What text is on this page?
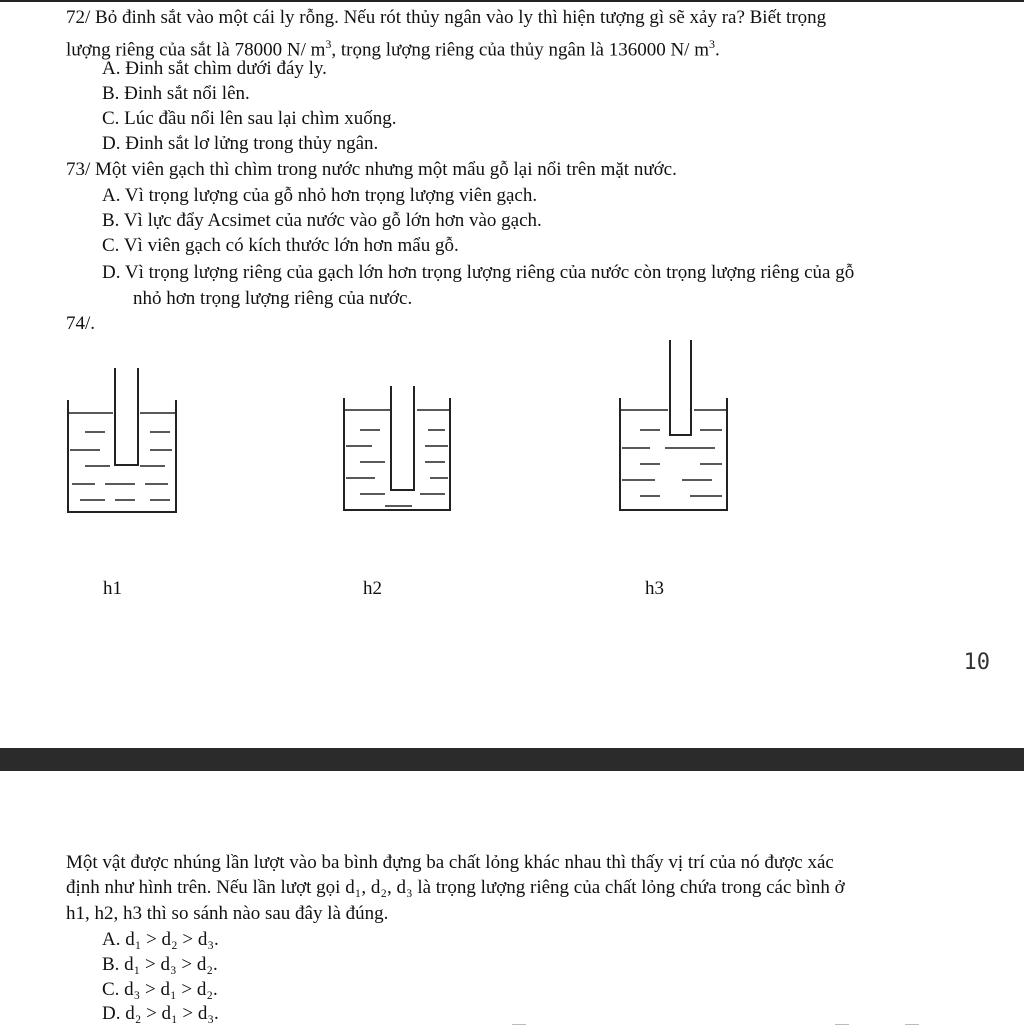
72/ Bỏ đinh sắt vào một cái ly rỗng. Nếu rót thủy ngân vào ly thì hiện tượng gì sẽ xảy ra? Biết trọng
lượng riêng của sắt là 78000 N/ $m^3$, trọng lượng riêng của thủy ngân là 136000 N/ $m^3$.
A. Đinh sắt chìm dưới đáy ly.
B. Đinh sắt nổi lên.
C. Lúc đầu nổi lên sau lại chìm xuống.
D. Đinh sắt lơ lửng trong thủy ngân.
73/ Một viên gạch thì chìm trong nước nhưng một mẩu gỗ lại nổi trên mặt nước.
A. Vì trọng lượng của gỗ nhỏ hơn trọng lượng viên gạch.
B. Vì lực đẩy Acsimet của nước vào gỗ lớn hơn vào gạch.
C. Vì viên gạch có kích thước lớn hơn mẩu gỗ.
D. Vì trọng lượng riêng của gạch lớn hơn trọng lượng riêng của nước còn trọng lượng riêng của gỗ
nhỏ hơn trọng lượng riêng của nước.
74/.
h1	h2	h3
10
Một vật được nhúng lần lượt vào ba bình đựng ba chất lỏng khác nhau thì thấy vị trí của nó được xác
định như hình trên. Nếu lần lượt gọi d₁, d₂, d₃ là trọng lượng riêng của chất lỏng chứa trong các bình ở
h1, h2, h3 thì so sánh nào sau đây là đúng.
A. d₁ > d₂ > d₃.
B. d₁ > d₃ > d₂.
C. d₃ > d₁ > d₂.
D. d₂ > d₁ > d₃.
